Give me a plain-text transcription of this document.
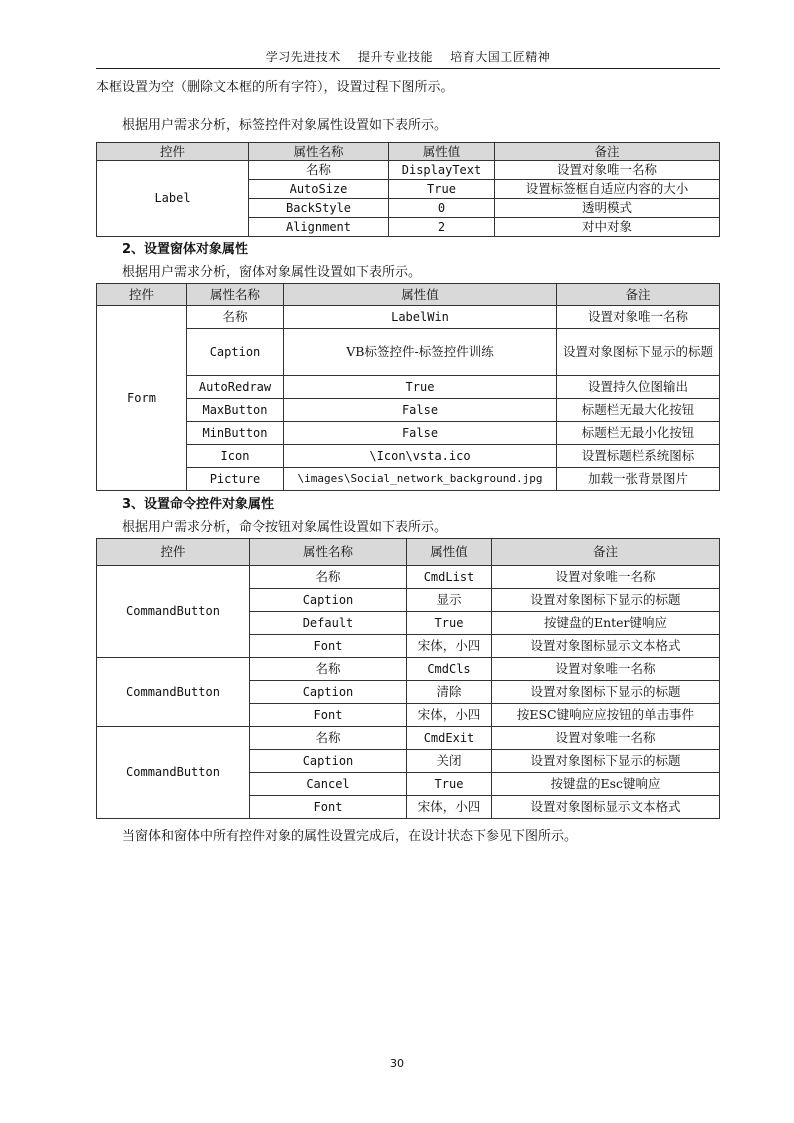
学习先进技术    提升专业技能    培育大国工匠精神
本框设置为空（删除文本框的所有字符），设置过程下图所示。
根据用户需求分析，标签控件对象属性设置如下表所示。
控件	属性名称	属性值	备注
Label	名称	DisplayText	设置对象唯一名称
	AutoSize	True	设置标签框自适应内容的大小
	BackStyle	0	透明模式
	Alignment	2	对中对象
2、设置窗体对象属性
根据用户需求分析，窗体对象属性设置如下表所示。
控件	属性名称	属性值	备注
Form	名称	LabelWin	设置对象唯一名称
	Caption	VB标签控件-标签控件训练	设置对象图标下显示的标题
	AutoRedraw	True	设置持久位图输出
	MaxButton	False	标题栏无最大化按钮
	MinButton	False	标题栏无最小化按钮
	Icon	\Icon\vsta.ico	设置标题栏系统图标
	Picture	\images\Social_network_background.jpg	加载一张背景图片
3、设置命令控件对象属性
根据用户需求分析，命令按钮对象属性设置如下表所示。
控件	属性名称	属性值	备注
CommandButton	名称	CmdList	设置对象唯一名称
	Caption	显示	设置对象图标下显示的标题
	Default	True	按键盘的Enter键响应
	Font	宋体，小四	设置对象图标显示文本格式
CommandButton	名称	CmdCls	设置对象唯一名称
	Caption	清除	设置对象图标下显示的标题
	Font	宋体，小四	按ESC键响应应按钮的单击事件
CommandButton	名称	CmdExit	设置对象唯一名称
	Caption	关闭	设置对象图标下显示的标题
	Cancel	True	按键盘的Esc键响应
	Font	宋体，小四	设置对象图标显示文本格式
当窗体和窗体中所有控件对象的属性设置完成后，在设计状态下参见下图所示。
30
